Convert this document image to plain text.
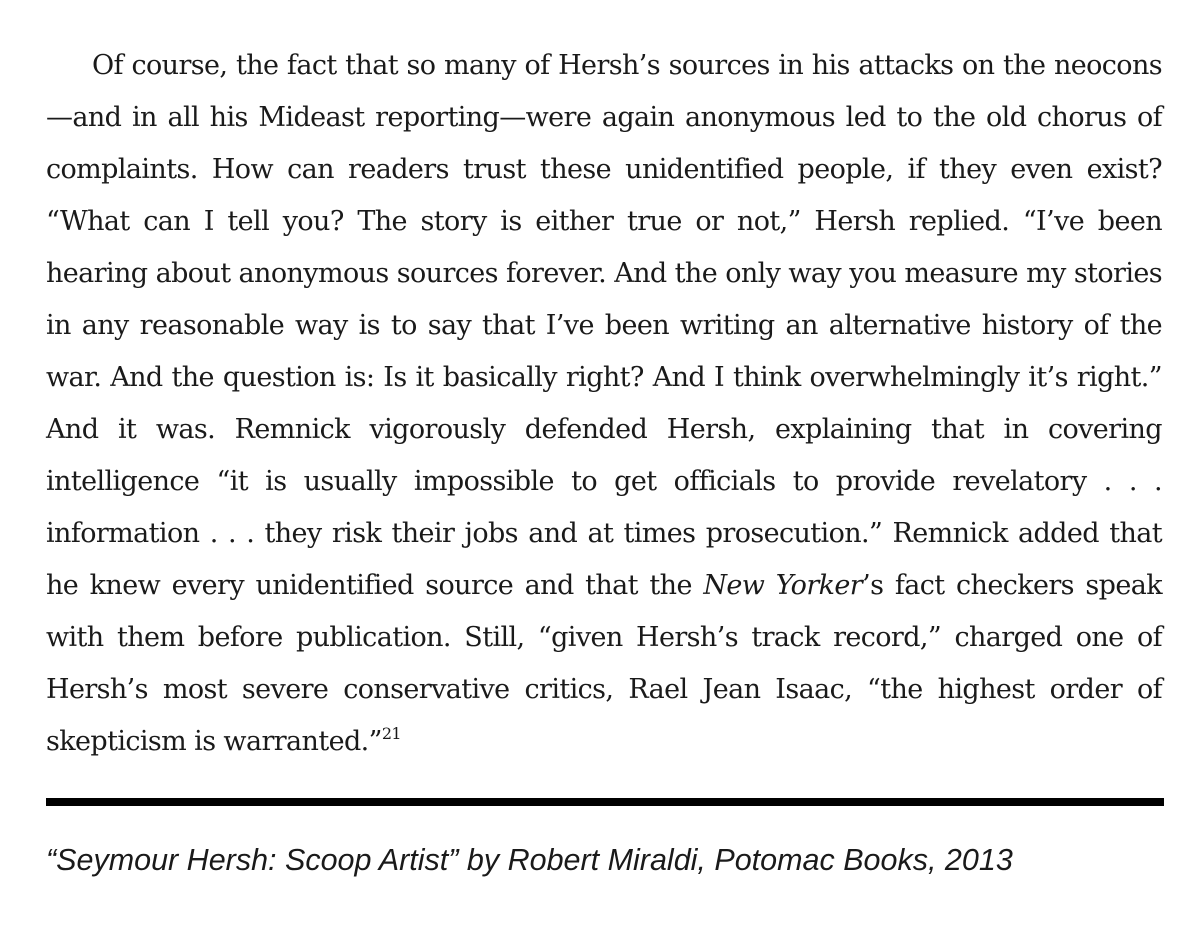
Of course, the fact that so many of Hersh’s sources in his attacks on the neocons—and in all his Mideast reporting—were again anonymous led to the old chorus of complaints. How can readers trust these unidentified people, if they even exist? “What can I tell you? The story is either true or not,” Hersh replied. “I’ve been hearing about anonymous sources forever. And the only way you measure my stories in any reasonable way is to say that I’ve been writing an alternative history of the war. And the question is: Is it basically right? And I think overwhelmingly it’s right.” And it was. Remnick vigorously defended Hersh, explaining that in covering intelligence “it is usually impossible to get officials to provide revelatory . . . information . . . they risk their jobs and at times prosecution.” Remnick added that he knew every unidentified source and that the New Yorker’s fact checkers speak with them before publication. Still, “given Hersh’s track record,” charged one of Hersh’s most severe conservative critics, Rael Jean Isaac, “the highest order of skepticism is warranted.”$^{21}$

“Seymour Hersh: Scoop Artist” by Robert Miraldi, Potomac Books, 2013
